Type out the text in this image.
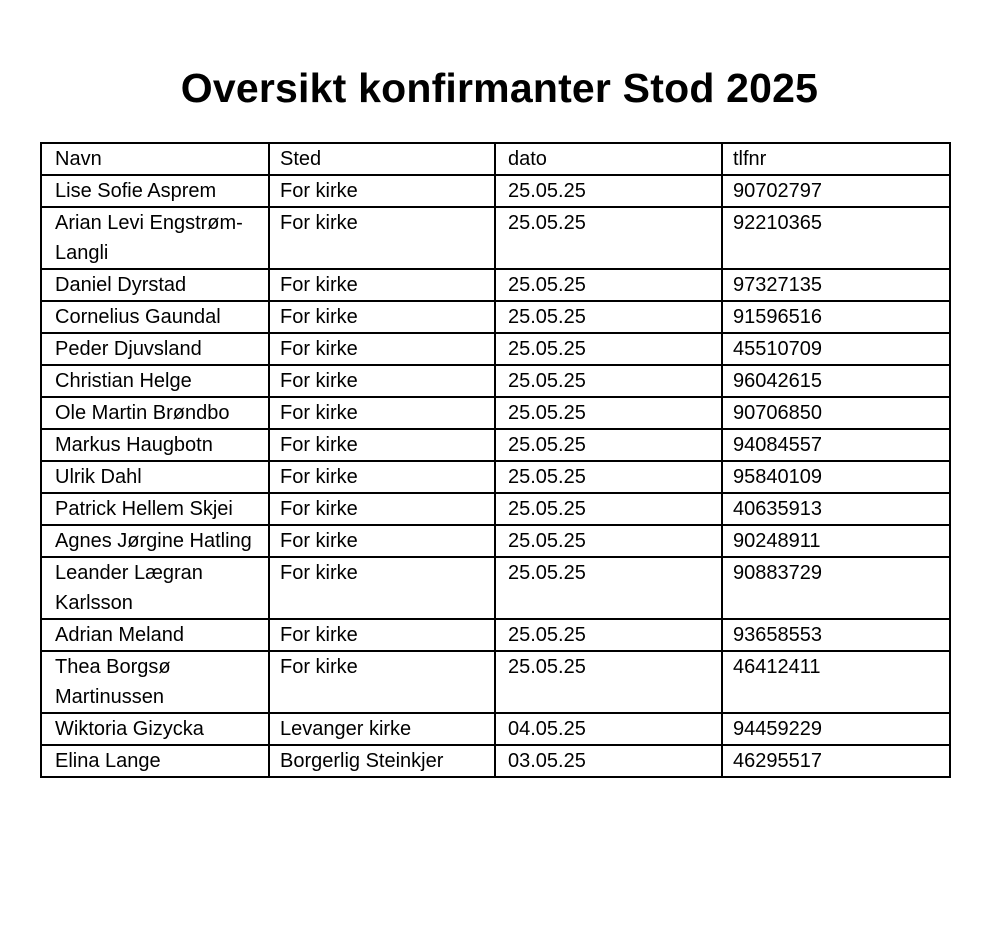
Oversikt konfirmanter Stod 2025
Navn	Sted	dato	tlfnr
Lise Sofie Asprem	For kirke	25.05.25	90702797
Arian Levi Engstrøm-Langli	For kirke	25.05.25	92210365
Daniel Dyrstad	For kirke	25.05.25	97327135
Cornelius Gaundal	For kirke	25.05.25	91596516
Peder Djuvsland	For kirke	25.05.25	45510709
Christian Helge	For kirke	25.05.25	96042615
Ole Martin Brøndbo	For kirke	25.05.25	90706850
Markus Haugbotn	For kirke	25.05.25	94084557
Ulrik Dahl	For kirke	25.05.25	95840109
Patrick Hellem Skjei	For kirke	25.05.25	40635913
Agnes Jørgine Hatling	For kirke	25.05.25	90248911
Leander Lægran Karlsson	For kirke	25.05.25	90883729
Adrian Meland	For kirke	25.05.25	93658553
Thea Borgsø Martinussen	For kirke	25.05.25	46412411
Wiktoria Gizycka	Levanger kirke	04.05.25	94459229
Elina Lange	Borgerlig Steinkjer	03.05.25	46295517
